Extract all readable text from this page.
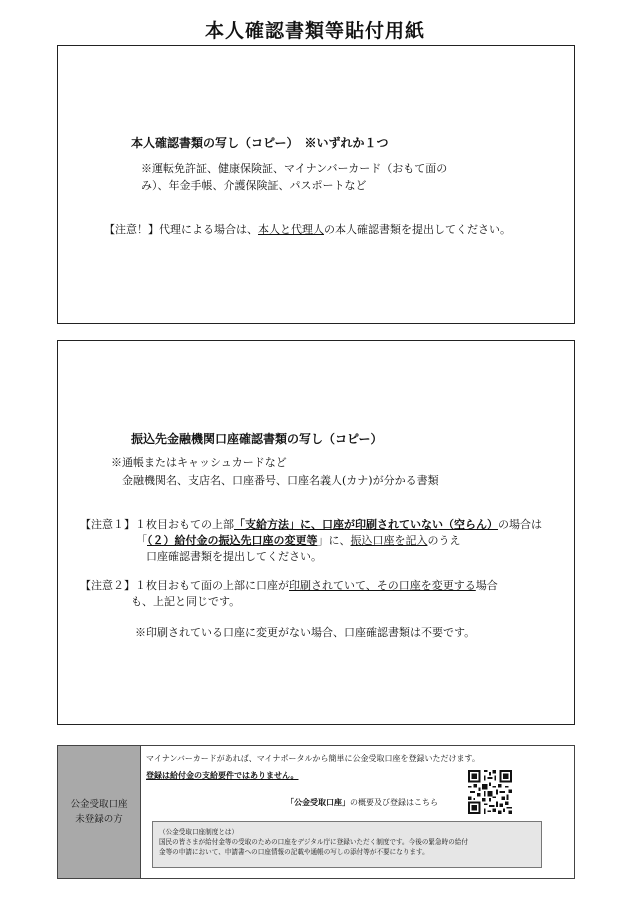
本人確認書類等貼付用紙
本人確認書類の写し（コピー）　※いずれか１つ
※運転免許証、健康保険証、マイナンバーカード（おもて面の
み）、年金手帳、介護保険証、パスポートなど
【注意！】代理による場合は、本人と代理人の本人確認書類を提出してください。
振込先金融機関口座確認書類の写し（コピー）
※通帳またはキャッシュカードなど
金融機関名、支店名、口座番号、口座名義人(カナ)が分かる書類
【注意１】１枚目おもての上部「支給方法」に、口座が印刷されていない（空らん）の場合は
「（２）給付金の振込先口座の変更等」に、振込口座を記入のうえ
口座確認書類を提出してください。
【注意２】１枚目おもて面の上部に口座が印刷されていて、その口座を変更する場合
も、上記と同じです。
※印刷されている口座に変更がない場合、口座確認書類は不要です。
公金受取口座
未登録の方
マイナンバーカードがあれば、マイナポータルから簡単に公金受取口座を登録いただけます。
登録は給付金の支給要件ではありません。
「公金受取口座」の概要及び登録はこちら
（公金受取口座制度とは）
国民の皆さまが給付金等の受取のための口座をデジタル庁に登録いただく制度です。今後の緊急時の給付
金等の申請において、申請書への口座情報の記載や通帳の写しの添付等が不要になります。
